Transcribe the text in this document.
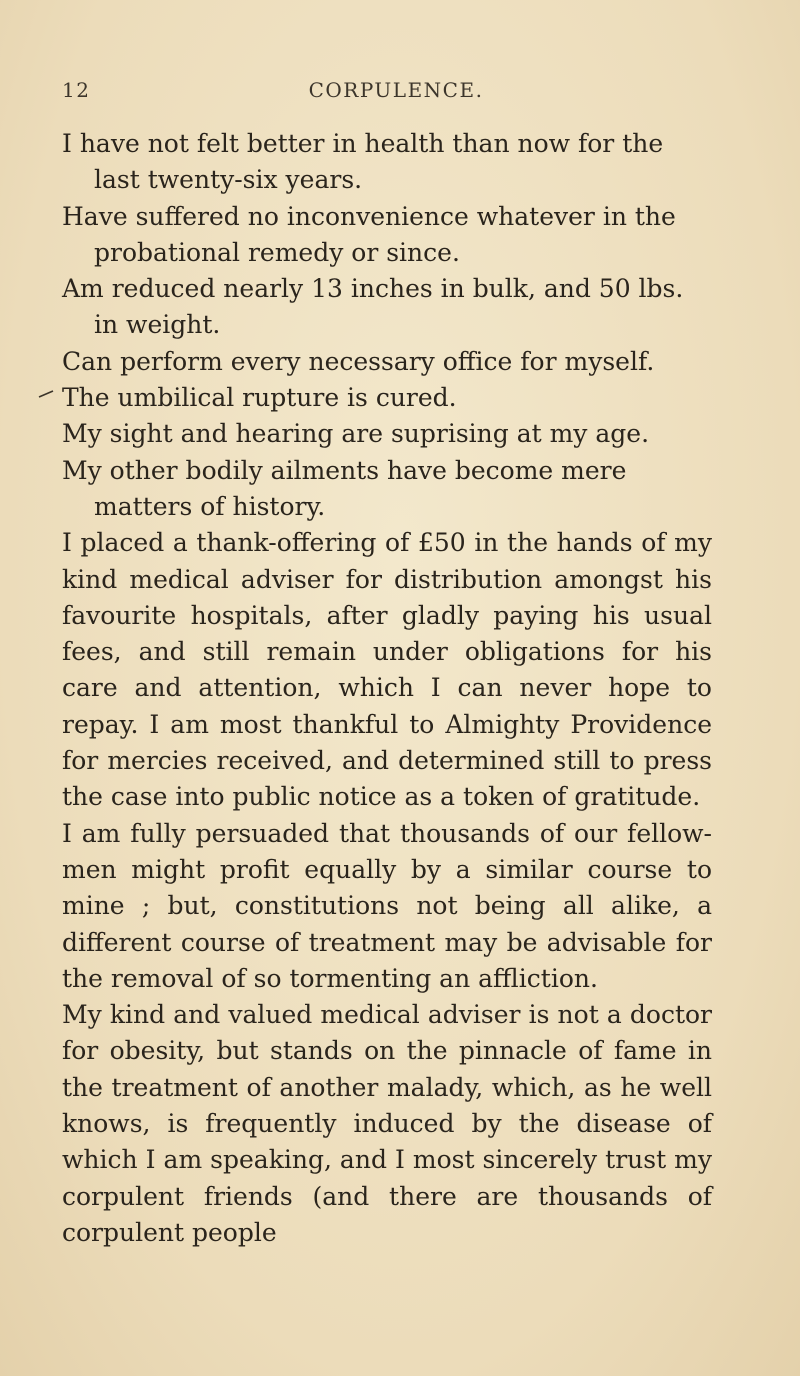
12	CORPULENCE.

I have not felt better in health than now for the last twenty-six years.

Have suffered no inconvenience whatever in the probational remedy or since.

Am reduced nearly 13 inches in bulk, and 50 lbs. in weight.

Can perform every necessary office for myself.

The umbilical rupture is cured.

My sight and hearing are suprising at my age.

My other bodily ailments have become mere matters of history.

I placed a thank-offering of £50 in the hands of my kind medical adviser for distribution amongst his favourite hospitals, after gladly paying his usual fees, and still remain under obligations for his care and attention, which I can never hope to repay. I am most thankful to Almighty Providence for mercies received, and determined still to press the case into public notice as a token of gratitude.

I am fully persuaded that thousands of our fellow-men might profit equally by a similar course to mine ; but, constitutions not being all alike, a different course of treatment may be advisable for the removal of so tormenting an affliction.

My kind and valued medical adviser is not a doctor for obesity, but stands on the pinnacle of fame in the treatment of another malady, which, as he well knows, is frequently induced by the disease of which I am speaking, and I most sincerely trust my corpulent friends (and there are thousands of corpulent people
